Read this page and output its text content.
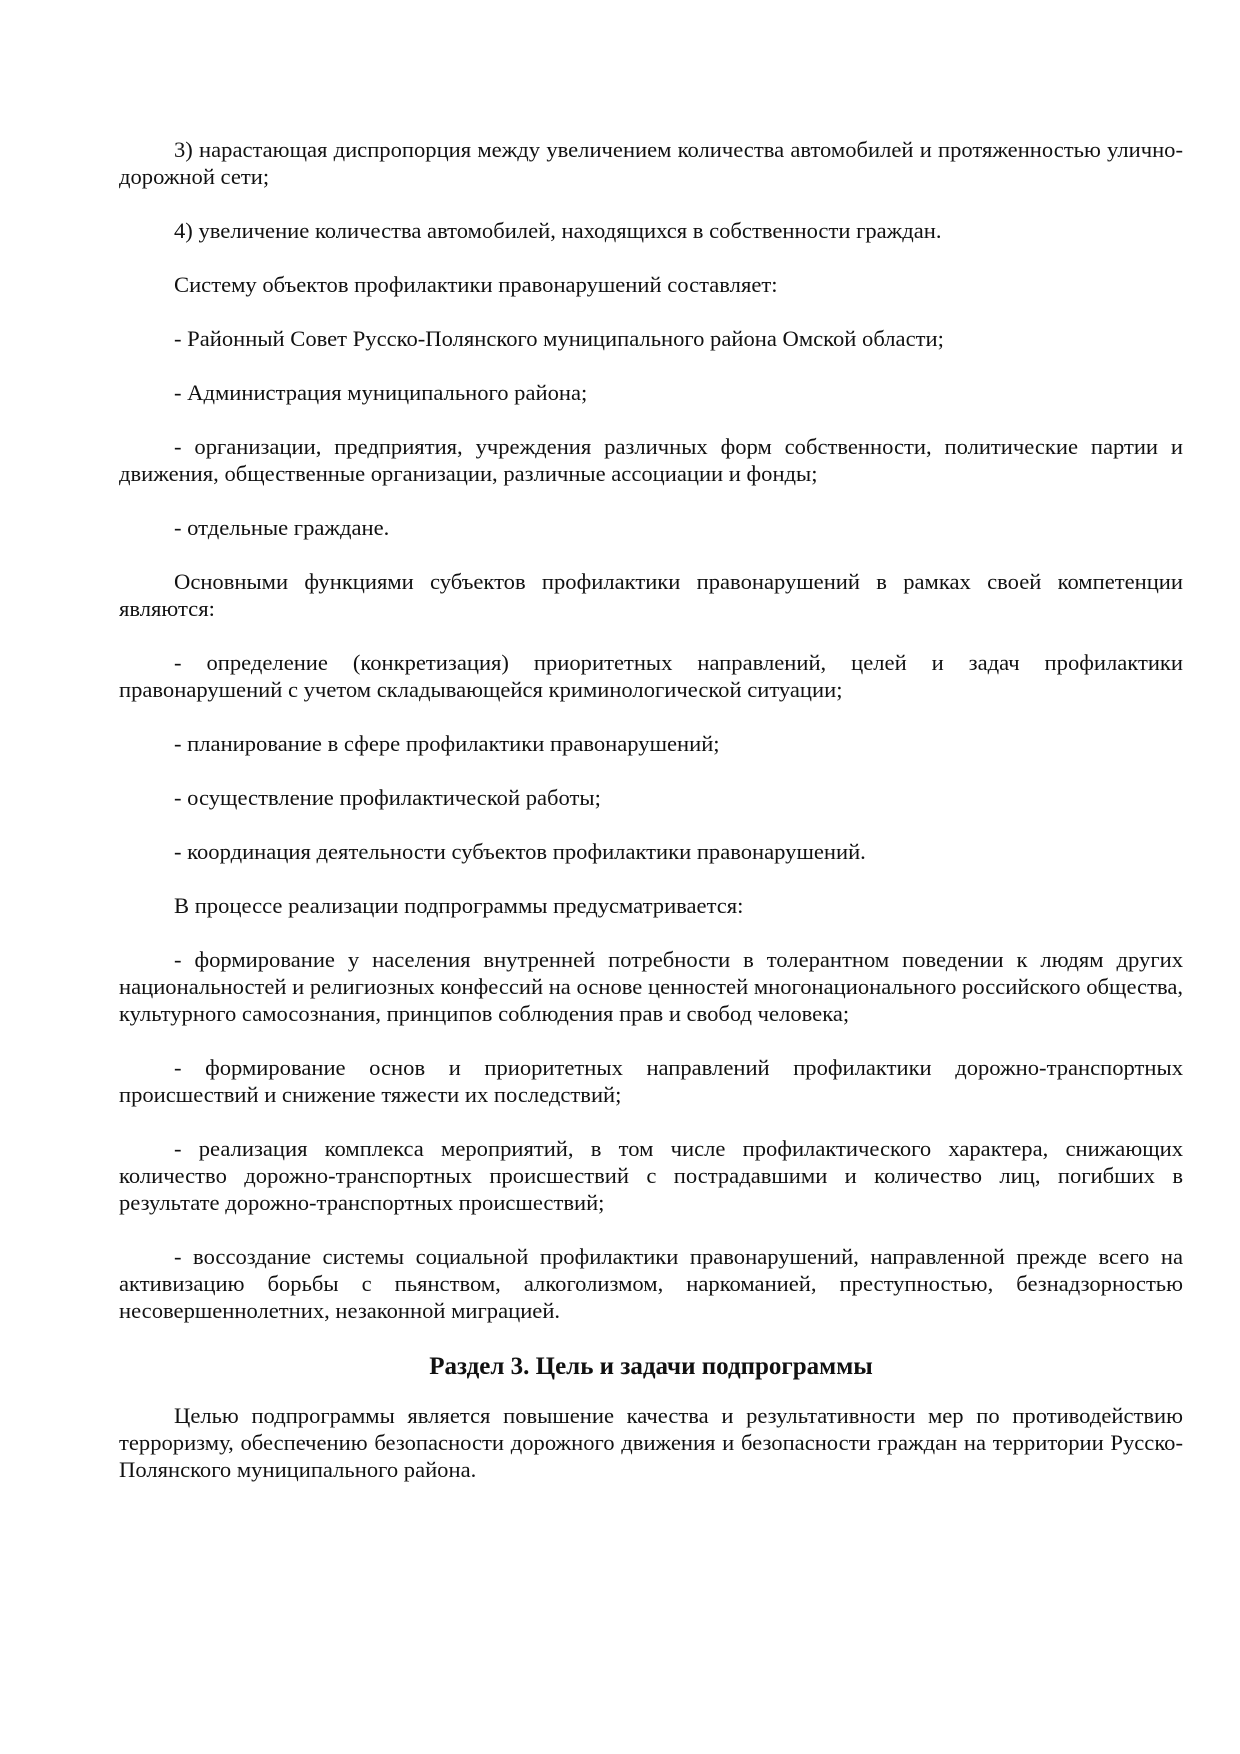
3) нарастающая диспропорция между увеличением количества автомобилей и протяженностью улично-дорожной сети;

4) увеличение количества автомобилей, находящихся в собственности граждан.

Систему объектов профилактики правонарушений составляет:

- Районный Совет Русско-Полянского муниципального района Омской области;

- Администрация муниципального района;

- организации, предприятия, учреждения различных форм собственности, политические партии и движения, общественные организации, различные ассоциации и фонды;

- отдельные граждане.

Основными функциями субъектов профилактики правонарушений в рамках своей компетенции являются:

- определение (конкретизация) приоритетных направлений, целей и задач профилактики правонарушений с учетом складывающейся криминологической ситуации;

- планирование в сфере профилактики правонарушений;

- осуществление профилактической работы;

- координация деятельности субъектов профилактики правонарушений.

В процессе реализации подпрограммы предусматривается:

- формирование у населения внутренней потребности в толерантном поведении к людям других национальностей и религиозных конфессий на основе ценностей многонационального российского общества, культурного самосознания, принципов соблюдения прав и свобод человека;

- формирование основ и приоритетных направлений профилактики дорожно-транспортных происшествий и снижение тяжести их последствий;

- реализация комплекса мероприятий, в том числе профилактического характера, снижающих количество дорожно-транспортных происшествий с пострадавшими и количество лиц, погибших в результате дорожно-транспортных происшествий;

- воссоздание системы социальной профилактики правонарушений, направленной прежде всего на активизацию борьбы с пьянством, алкоголизмом, наркоманией, преступностью, безнадзорностью несовершеннолетних, незаконной миграцией.

Раздел 3. Цель и задачи подпрограммы

Целью подпрограммы является повышение качества и результативности мер по противодействию терроризму, обеспечению безопасности дорожного движения и безопасности граждан на территории Русско-Полянского муниципального района.
